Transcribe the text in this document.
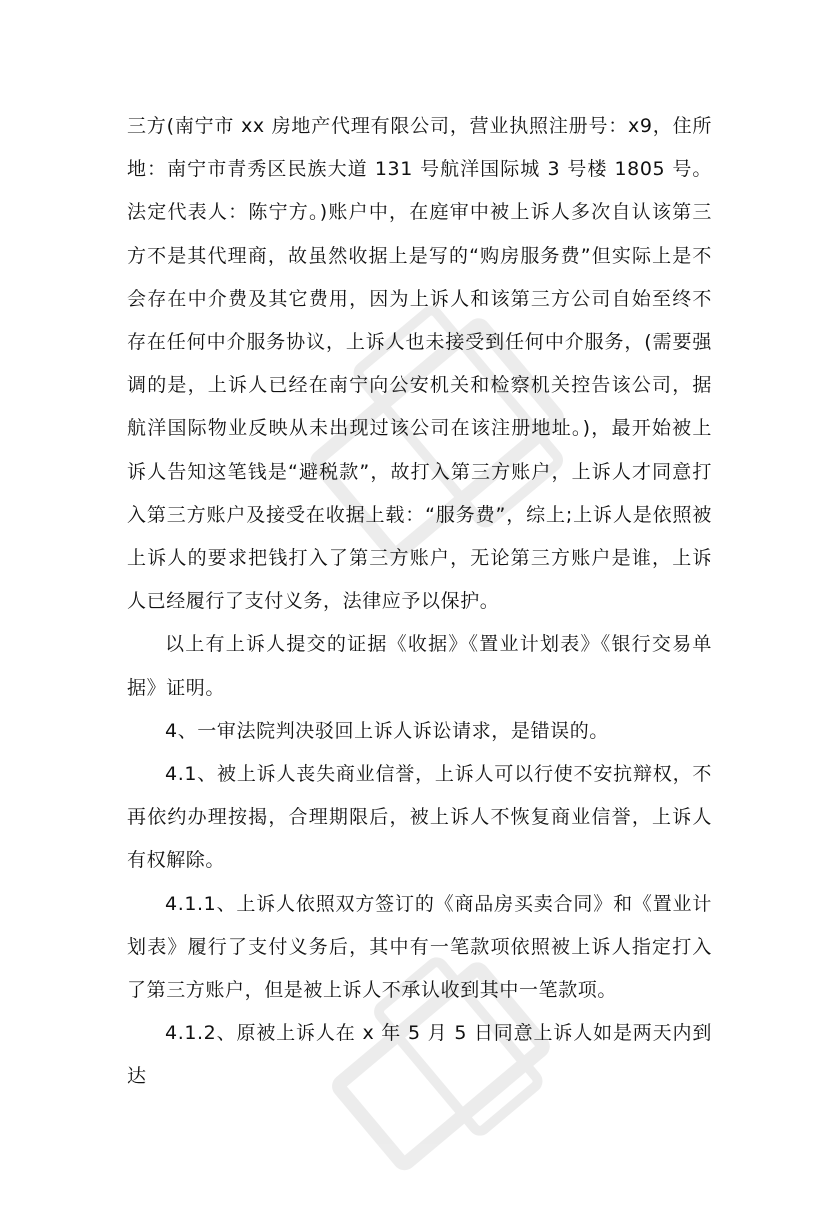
三方(南宁市 xx 房地产代理有限公司，营业执照注册号：x9，住所地：南宁市青秀区民族大道 131 号航洋国际城 3 号楼 1805 号。法定代表人：陈宁方。)账户中，在庭审中被上诉人多次自认该第三方不是其代理商，故虽然收据上是写的“购房服务费”但实际上是不会存在中介费及其它费用，因为上诉人和该第三方公司自始至终不存在任何中介服务协议，上诉人也未接受到任何中介服务，(需要强调的是，上诉人已经在南宁向公安机关和检察机关控告该公司，据航洋国际物业反映从未出现过该公司在该注册地址。)，最开始被上诉人告知这笔钱是“避税款”，故打入第三方账户，上诉人才同意打入第三方账户及接受在收据上载：“服务费”，综上;上诉人是依照被上诉人的要求把钱打入了第三方账户，无论第三方账户是谁，上诉人已经履行了支付义务，法律应予以保护。

以上有上诉人提交的证据《收据》《置业计划表》《银行交易单据》证明。

4、一审法院判决驳回上诉人诉讼请求，是错误的。

4.1、被上诉人丧失商业信誉，上诉人可以行使不安抗辩权，不再依约办理按揭，合理期限后，被上诉人不恢复商业信誉，上诉人有权解除。

4.1.1、上诉人依照双方签订的《商品房买卖合同》和《置业计划表》履行了支付义务后，其中有一笔款项依照被上诉人指定打入了第三方账户，但是被上诉人不承认收到其中一笔款项。

4.1.2、原被上诉人在 x 年 5 月 5 日同意上诉人如是两天内到达
